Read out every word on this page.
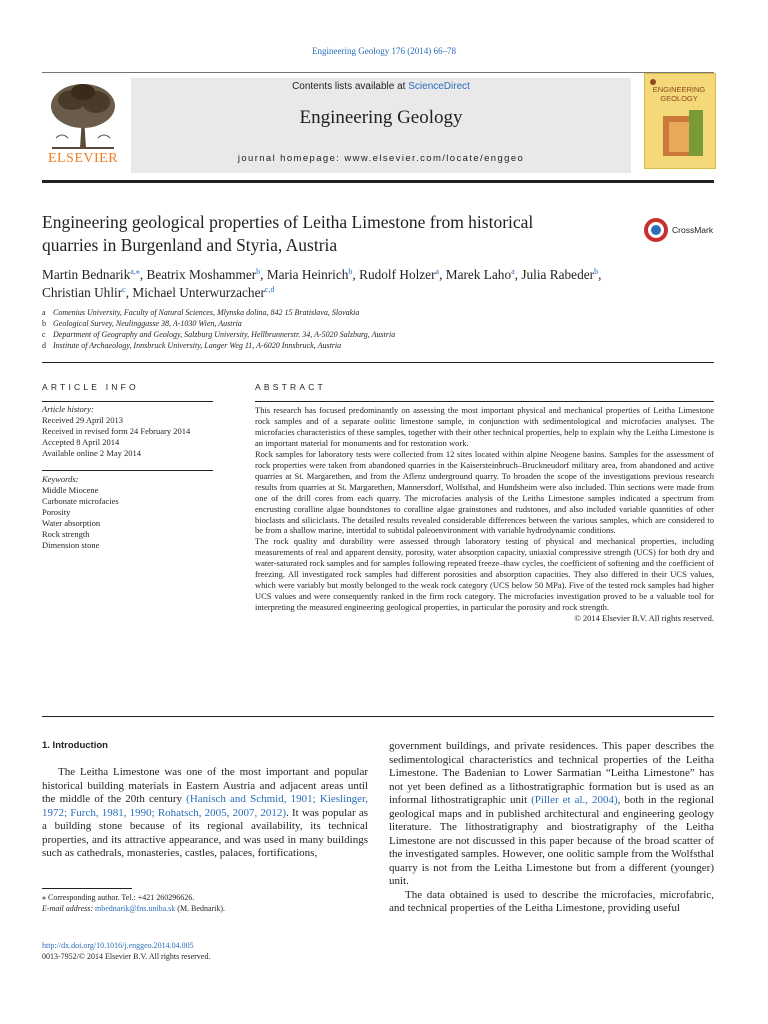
Engineering Geology 176 (2014) 66–78
ELSEVIER
Contents lists available at ScienceDirect
Engineering Geology
journal homepage: www.elsevier.com/locate/enggeo
ENGINEERING GEOLOGY
Engineering geological properties of Leitha Limestone from historical
quarries in Burgenland and Styria, Austria
CrossMark
Martin Bednarik$^{a,⁎}$, Beatrix Moshammer$^b$, Maria Heinrich$^b$, Rudolf Holzer$^a$, Marek Laho$^a$, Julia Rabeder$^b$,
Christian Uhlir$^c$, Michael Unterwurzacher$^{c,d}$
a Comenius University, Faculty of Natural Sciences, Mlynska dolina, 842 15 Bratislava, Slovakia
b Geological Survey, Neulinggasse 38, A-1030 Wien, Austria
c Department of Geography and Geology, Salzburg University, Hellbrunnerstr. 34, A-5020 Salzburg, Austria
d Institute of Archaeology, Innsbruck University, Langer Weg 11, A-6020 Innsbruck, Austria
ARTICLE INFO	ABSTRACT
Article history:
Received 29 April 2013
Received in revised form 24 February 2014
Accepted 8 April 2014
Available online 2 May 2014
Keywords:
Middle Miocene
Carbonate microfacies
Porosity
Water absorption
Rock strength
Dimension stone

This research has focused predominantly on assessing the most important physical and mechanical properties of Leitha Limestone rock samples and of a separate oolitic limestone sample, in conjunction with sedimentological and microfacies analyses. The microfacies characteristics of these samples, together with their other technical properties, help to explain why the Leitha Limestone is an important material for monuments and for restoration work.

Rock samples for laboratory tests were collected from 12 sites located within alpine Neogene basins. Samples for the assessment of rock properties were taken from abandoned quarries in the Kaisersteinbruch–Bruckneudorf military area, from abandoned and active quarries at St. Margarethen, and from the Aflenz underground quarry. To broaden the scope of the investigations previous research results from quarries at St. Margarethen, Mannersdorf, Wolfsthal, and Hundsheim were also included. Thin sections were made from one of the drill cores from each quarry. The microfacies analysis of the Leitha Limestone samples indicated a spectrum from encrusting coralline algae boundstones to coralline algae grainstones and rudstones, and also included variable quantities of other bioclasts and siliciclasts. The detailed results revealed considerable differences between the various samples, which are considered to be from a shallow marine, intertidal to subtidal paleoenvironment with variable hydrodynamic conditions.

The rock quality and durability were assessed through laboratory testing of physical and mechanical properties, including measurements of real and apparent density, porosity, water absorption capacity, uniaxial compressive strength (UCS) for both dry and water-saturated rock samples and for samples following repeated freeze–thaw cycles, the coefficient of softening and the coefficient of freezing. All investigated rock samples had different porosities and absorption capacities. They also differed in their UCS values, which were variably but mostly belonged to the weak rock category (UCS below 50 MPa). Five of the tested rock samples had higher UCS values and were consequently ranked in the firm rock category. The microfacies investigation proved to be a valuable tool for interpreting the measured engineering geological properties, in particular the porosity and rock strength.

© 2014 Elsevier B.V. All rights reserved.
1. Introduction

The Leitha Limestone was one of the most important and popular historical building materials in Eastern Austria and adjacent areas until the middle of the 20th century (Hanisch and Schmid, 1901; Kieslinger, 1972; Furch, 1981, 1990; Rohatsch, 2005, 2007, 2012). It was popular as a building stone because of its regional availability, its technical properties, and its attractive appearance, and was used in many buildings such as cathedrals, monasteries, castles, palaces, fortifications,

government buildings, and private residences. This paper describes the sedimentological characteristics and technical properties of the Leitha Limestone. The Badenian to Lower Sarmatian “Leitha Limestone” has not yet been defined as a lithostratigraphic formation but is used as an informal lithostratigraphic unit (Piller et al., 2004), both in the regional geological maps and in published architectural and engineering geology literature. The lithostratigraphy and biostratigraphy of the Leitha Limestone are not discussed in this paper because of the broad scatter of the investigated samples. However, one oolitic sample from the Wolfsthal quarry is not from the Leitha Limestone but from a different (younger) unit.

The data obtained is used to describe the microfacies, microfabric, and technical properties of the Leitha Limestone, providing useful

⁎ Corresponding author. Tel.: +421 260296626.
E-mail address: mbednarik@fns.uniba.sk (M. Bednarik).
http://dx.doi.org/10.1016/j.enggeo.2014.04.005
0013-7952/© 2014 Elsevier B.V. All rights reserved.
